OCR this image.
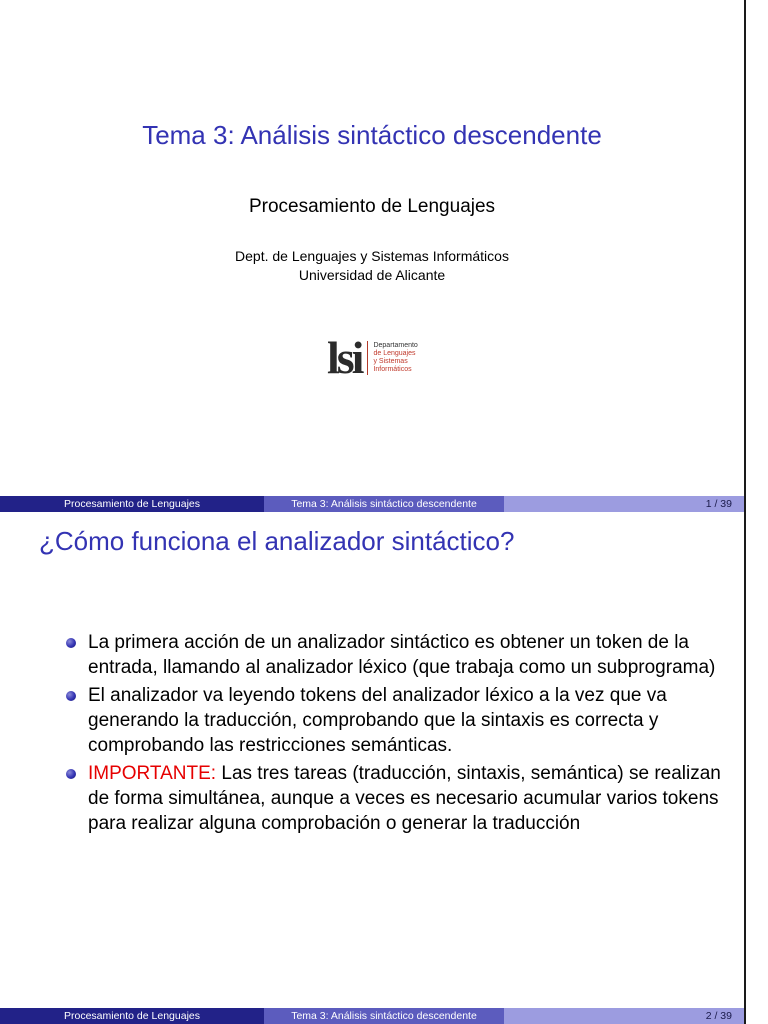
Tema 3: Análisis sintáctico descendente
Procesamiento de Lenguajes
Dept. de Lenguajes y Sistemas Informáticos
Universidad de Alicante
lsi Departamento
de Lenguajes
y Sistemas
Informáticos
Procesamiento de Lenguajes	Tema 3: Análisis sintáctico descendente	1 / 39
¿Cómo funciona el analizador sintáctico?
La primera acción de un analizador sintáctico es obtener un token de la entrada, llamando al analizador léxico (que trabaja como un subprograma)
El analizador va leyendo tokens del analizador léxico a la vez que va generando la traducción, comprobando que la sintaxis es correcta y comprobando las restricciones semánticas.
IMPORTANTE: Las tres tareas (traducción, sintaxis, semántica) se realizan de forma simultánea, aunque a veces es necesario acumular varios tokens para realizar alguna comprobación o generar la traducción
Procesamiento de Lenguajes	Tema 3: Análisis sintáctico descendente	2 / 39
